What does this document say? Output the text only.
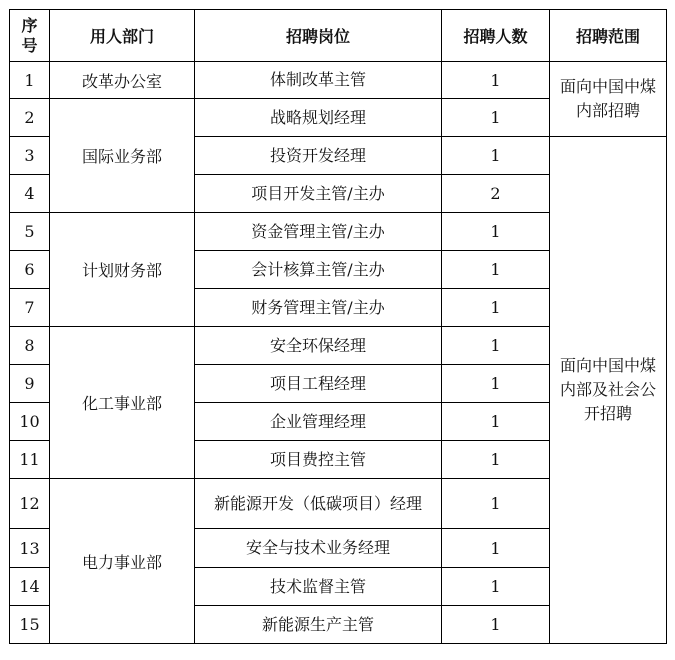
序号	用人部门	招聘岗位	招聘人数	招聘范围
1	改革办公室	体制改革主管	1	面向中国中煤内部招聘
2	国际业务部	战略规划经理	1	
3		投资开发经理	1	面向中国中煤内部及社会公开招聘
4		项目开发主管/主办	2	
5	计划财务部	资金管理主管/主办	1	
6		会计核算主管/主办	1	
7		财务管理主管/主办	1	
8	化工事业部	安全环保经理	1	
9		项目工程经理	1	
10		企业管理经理	1	
11		项目费控主管	1	
12	电力事业部	新能源开发（低碳项目）经理	1	
13		安全与技术业务经理	1	
14		技术监督主管	1	
15		新能源生产主管	1	
